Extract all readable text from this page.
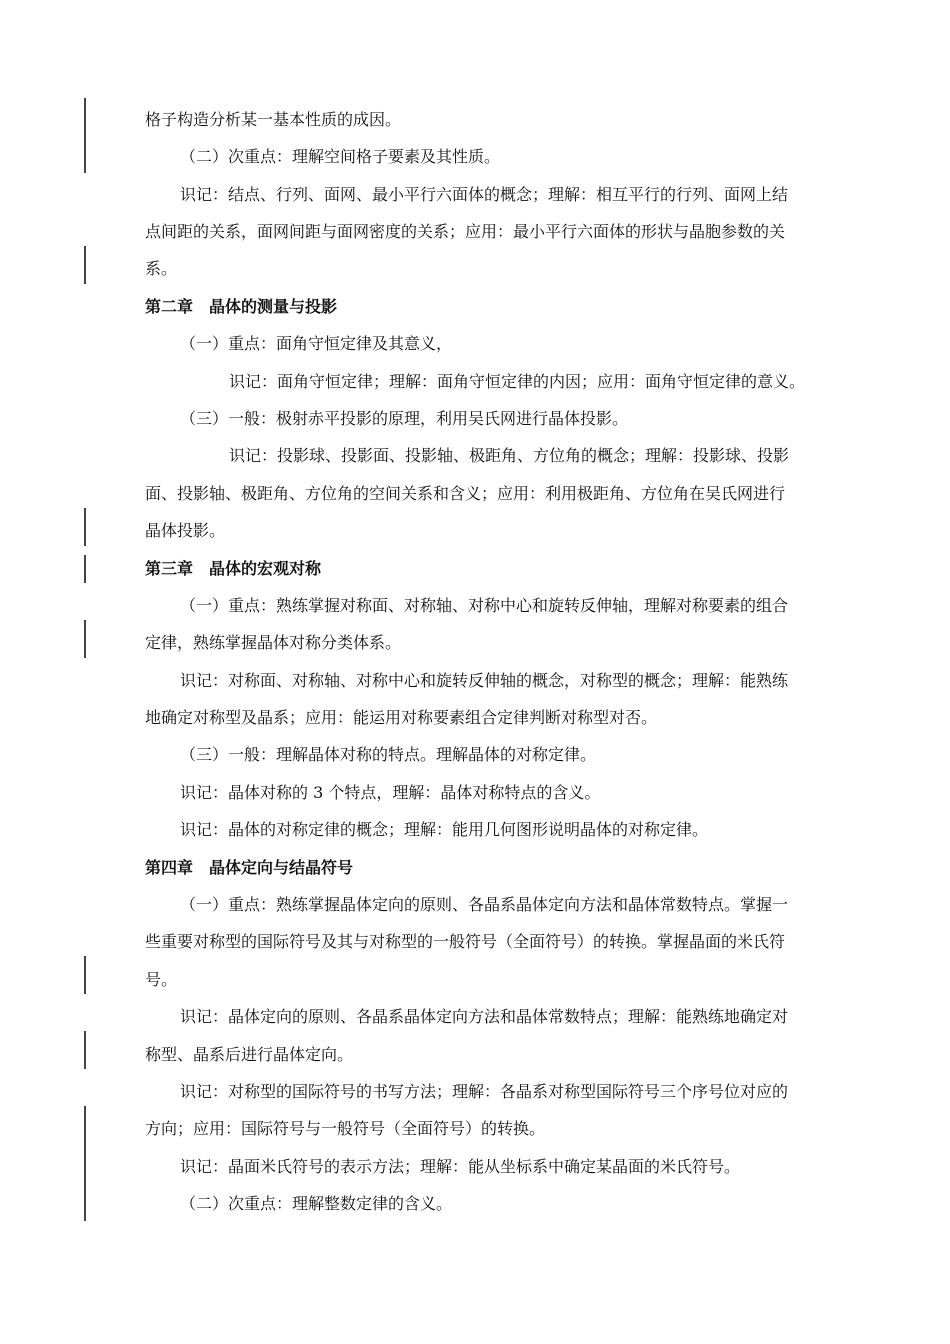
格子构造分析某一基本性质的成因。
（二）次重点：理解空间格子要素及其性质。
识记：结点、行列、面网、最小平行六面体的概念；理解：相互平行的行列、面网上结
点间距的关系，面网间距与面网密度的关系；应用：最小平行六面体的形状与晶胞参数的关
系。
第二章　晶体的测量与投影
（一）重点：面角守恒定律及其意义，
识记：面角守恒定律；理解：面角守恒定律的内因；应用：面角守恒定律的意义。
（三）一般：极射赤平投影的原理，利用吴氏网进行晶体投影。
识记：投影球、投影面、投影轴、极距角、方位角的概念；理解：投影球、投影
面、投影轴、极距角、方位角的空间关系和含义；应用：利用极距角、方位角在吴氏网进行
晶体投影。
第三章　晶体的宏观对称
（一）重点：熟练掌握对称面、对称轴、对称中心和旋转反伸轴，理解对称要素的组合
定律，熟练掌握晶体对称分类体系。
识记：对称面、对称轴、对称中心和旋转反伸轴的概念，对称型的概念；理解：能熟练
地确定对称型及晶系；应用：能运用对称要素组合定律判断对称型对否。
（三）一般：理解晶体对称的特点。理解晶体的对称定律。
识记：晶体对称的 3 个特点，理解：晶体对称特点的含义。
识记：晶体的对称定律的概念；理解：能用几何图形说明晶体的对称定律。
第四章　晶体定向与结晶符号
（一）重点：熟练掌握晶体定向的原则、各晶系晶体定向方法和晶体常数特点。掌握一
些重要对称型的国际符号及其与对称型的一般符号（全面符号）的转换。掌握晶面的米氏符
号。
识记：晶体定向的原则、各晶系晶体定向方法和晶体常数特点；理解：能熟练地确定对
称型、晶系后进行晶体定向。
识记：对称型的国际符号的书写方法；理解：各晶系对称型国际符号三个序号位对应的
方向；应用：国际符号与一般符号（全面符号）的转换。
识记：晶面米氏符号的表示方法；理解：能从坐标系中确定某晶面的米氏符号。
（二）次重点：理解整数定律的含义。
